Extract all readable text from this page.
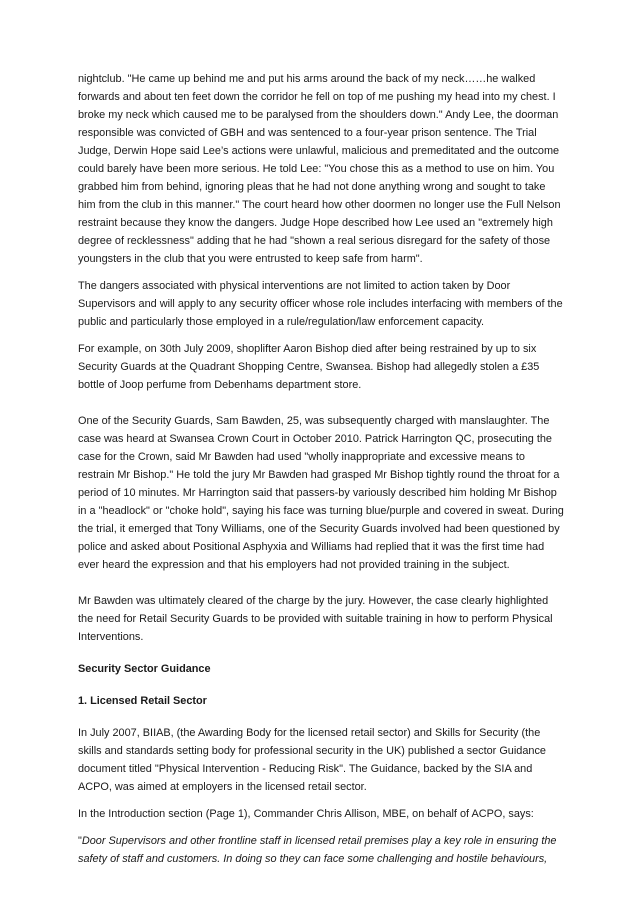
nightclub. "He came up behind me and put his arms around the back of my neck……he walked forwards and about ten feet down the corridor he fell on top of me pushing my head into my chest. I broke my neck which caused me to be paralysed from the shoulders down." Andy Lee, the doorman responsible was convicted of GBH and was sentenced to a four-year prison sentence. The Trial Judge, Derwin Hope said Lee’s actions were unlawful, malicious and premeditated and the outcome could barely have been more serious. He told Lee: "You chose this as a method to use on him. You grabbed him from behind, ignoring pleas that he had not done anything wrong and sought to take him from the club in this manner." The court heard how other doormen no longer use the Full Nelson restraint because they know the dangers. Judge Hope described how Lee used an "extremely high degree of recklessness" adding that he had "shown a real serious disregard for the safety of those youngsters in the club that you were entrusted to keep safe from harm".

The dangers associated with physical interventions are not limited to action taken by Door Supervisors and will apply to any security officer whose role includes interfacing with members of the public and particularly those employed in a rule/regulation/law enforcement capacity.

For example, on 30th July 2009, shoplifter Aaron Bishop died after being restrained by up to six Security Guards at the Quadrant Shopping Centre, Swansea. Bishop had allegedly stolen a £35 bottle of Joop perfume from Debenhams department store.

One of the Security Guards, Sam Bawden, 25, was subsequently charged with manslaughter. The case was heard at Swansea Crown Court in October 2010. Patrick Harrington QC, prosecuting the case for the Crown, said Mr Bawden had used "wholly inappropriate and excessive means to restrain Mr Bishop." He told the jury Mr Bawden had grasped Mr Bishop tightly round the throat for a period of 10 minutes. Mr Harrington said that passers-by variously described him holding Mr Bishop in a "headlock" or "choke hold", saying his face was turning blue/purple and covered in sweat. During the trial, it emerged that Tony Williams, one of the Security Guards involved had been questioned by police and asked about Positional Asphyxia and Williams had replied that it was the first time had ever heard the expression and that his employers had not provided training in the subject.

Mr Bawden was ultimately cleared of the charge by the jury. However, the case clearly highlighted the need for Retail Security Guards to be provided with suitable training in how to perform Physical Interventions.

Security Sector Guidance

1. Licensed Retail Sector

In July 2007, BIIAB, (the Awarding Body for the licensed retail sector) and Skills for Security (the skills and standards setting body for professional security in the UK) published a sector Guidance document titled "Physical Intervention - Reducing Risk". The Guidance, backed by the SIA and ACPO, was aimed at employers in the licensed retail sector.

In the Introduction section (Page 1), Commander Chris Allison, MBE, on behalf of ACPO, says:

"Door Supervisors and other frontline staff in licensed retail premises play a key role in ensuring the safety of staff and customers. In doing so they can face some challenging and hostile behaviours,
